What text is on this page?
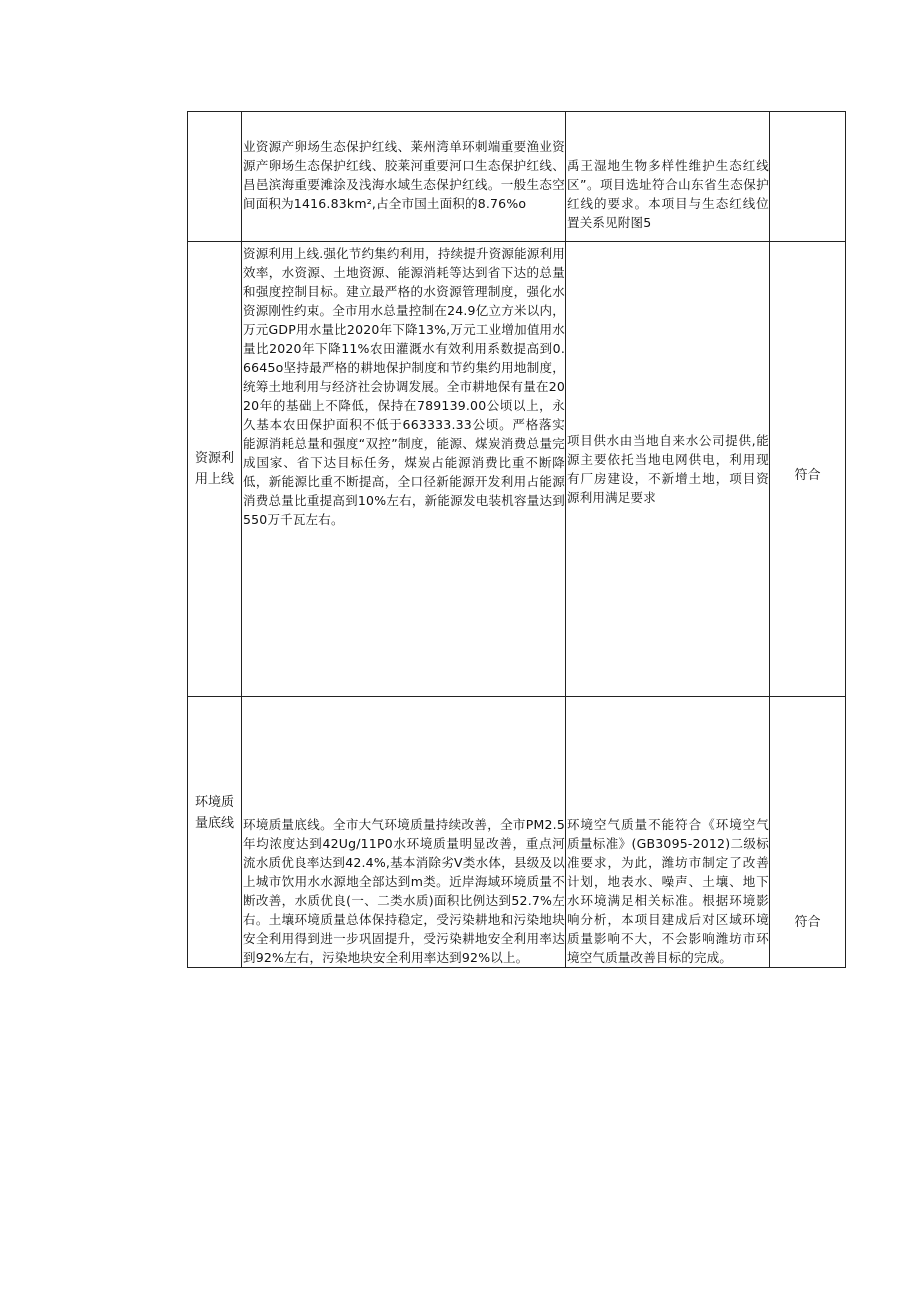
	业资源产卵场生态保护红线、莱州湾单环刺端重要渔业资源产卵场生态保护红线、胶莱河重要河口生态保护红线、昌邑滨海重要滩涂及浅海水域生态保护红线。一般生态空间面积为1416.83km²,占全市国土面积的8.76%o	禹王湿地生物多样性维护生态红线区”。项目选址符合山东省生态保护红线的要求。本项目与生态红线位置关系见附图5	

资源利用上线	资源利用上线.强化节约集约利用，持续提升资源能源利用效率，水资源、土地资源、能源消耗等达到省下达的总量和强度控制目标。建立最严格的水资源管理制度，强化水资源刚性约束。全市用水总量控制在24.9亿立方米以内，万元GDP用水量比2020年下降13%,万元工业增加值用水量比2020年下降11%农田灌溉水有效利用系数提高到0.6645o坚持最严格的耕地保护制度和节约集约用地制度，统筹土地利用与经济社会协调发展。全市耕地保有量在2020年的基础上不降低，保持在789139.00公顷以上，永久基本农田保护面积不低于663333.33公顷。严格落实能源消耗总量和强度“双控”制度，能源、煤炭消费总量完成国家、省下达目标任务，煤炭占能源消费比重不断降低，新能源比重不断提高，全口径新能源开发利用占能源消费总量比重提高到10%左右，新能源发电装机容量达到550万千瓦左右。	项目供水由当地自来水公司提供,能源主要依托当地电网供电，利用现有厂房建设，不新增土地，项目资源利用满足要求	符合

环境质量底线	环境质量底线。全市大气环境质量持续改善，全市PM2.5年均浓度达到42Ug∕11P0水环境质量明显改善，重点河流水质优良率达到42.4%,基本消除劣V类水体，县级及以上城市饮用水水源地全部达到m类。近岸海域环境质量不断改善，水质优良(一、二类水质)面积比例达到52.7%左右。土壤环境质量总体保持稳定，受污染耕地和污染地块安全利用得到进一步巩固提升，受污染耕地安全利用率达到92%左右，污染地块安全利用率达到92%以上。	环境空气质量不能符合《环境空气质量标准》(GB3095-2012)二级标准要求，为此，潍坊市制定了改善计划，地表水、噪声、土壤、地下水环境满足相关标准。根据环境影响分析，本项目建成后对区域环境质量影响不大，不会影响潍坊市环境空气质量改善目标的完成。	符合
